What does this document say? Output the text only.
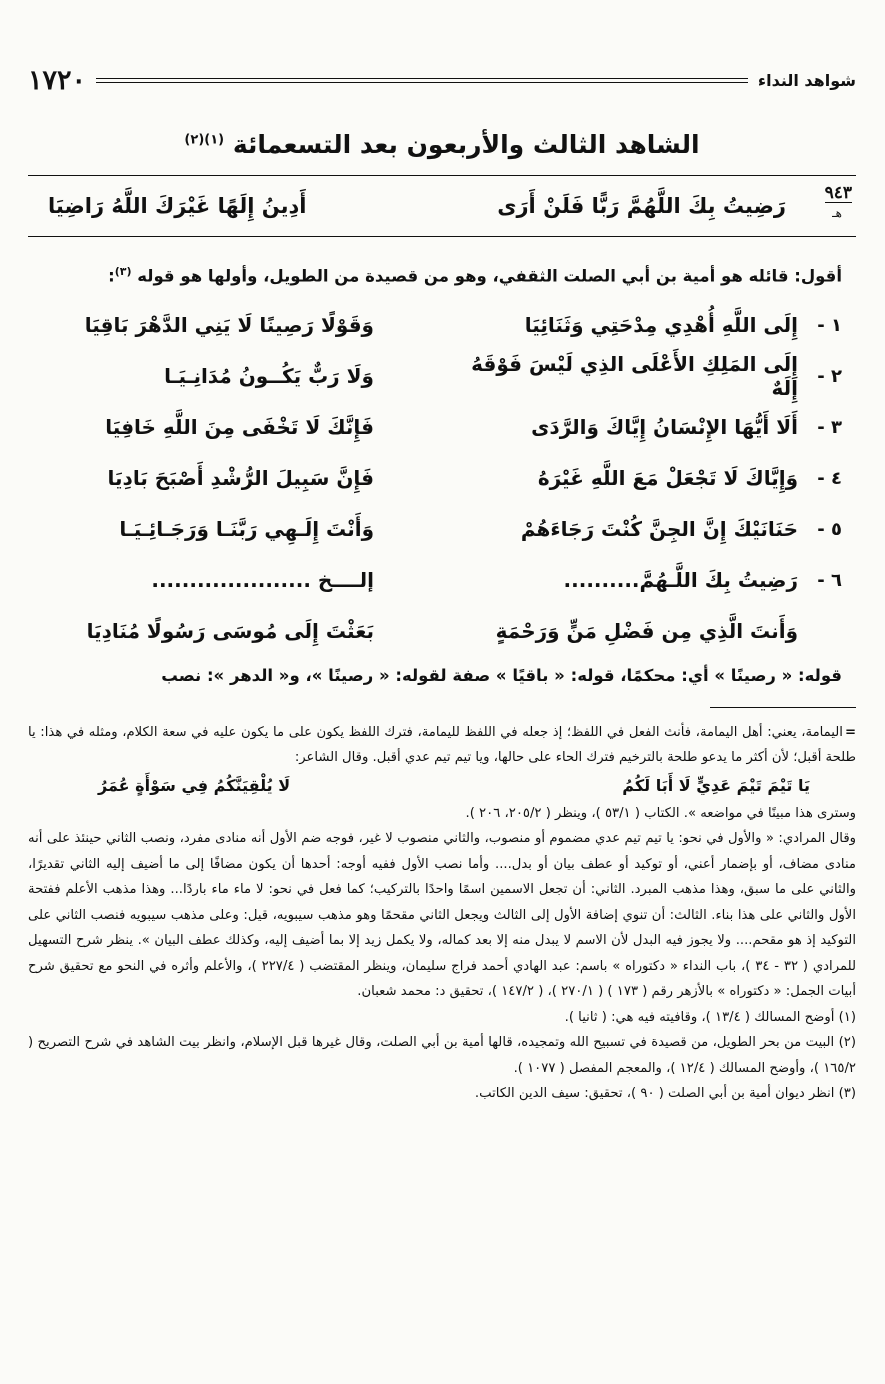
شواهد النداء
١٧٢٠
الشاهد الثالث والأربعون بعد التسعمائة $^{(١)(٢)}$
٩٤٣
هـ
رَضِيتُ بِكَ اللَّهُمَّ رَبًّا فَلَنْ أَرَى
أَدِينُ إِلَهًا غَيْرَكَ اللَّهُ رَاضِيَا
أقول: قائله هو أمية بن أبي الصلت الثقفي، وهو من قصيدة من الطويل، وأولها هو قوله $^{(٣)}$:
١ -
إِلَى اللَّهِ أُهْدِي مِدْحَتِي وَثَنَائِيَا
وَقَوْلًا رَصِينًا لَا يَنِي الدَّهْرَ بَاقِيَا
٢ -
إِلَى المَلِكِ الأَعْلَى الذِي لَيْسَ فَوْقَهُ إِلَهٌ
وَلَا رَبٌّ يَكُــونُ مُدَانِـيَـا
٣ -
أَلَا أَيُّهَا الإِنْسَانُ إِيَّاكَ وَالرَّدَى
فَإِنَّكَ لَا تَخْفَى مِنَ اللَّهِ خَافِيَا
٤ -
وَإِيَّاكَ لَا تَجْعَلْ مَعَ اللَّهِ غَيْرَهُ
فَإِنَّ سَبِيلَ الرُّشْدِ أَصْبَحَ بَادِيَا
٥ -
حَنَانَيْكَ إِنَّ الجِنَّ كُنْتَ رَجَاءَهُمْ
وَأَنْتَ إِلَـهِي رَبَّنَـا وَرَجَـائِـيَـا
٦ -
رَضِيتُ بِكَ اللَّـهُمَّ..........
إلــــخ .....................
وَأَنتَ الَّذِي مِن فَضْلِ مَنٍّ وَرَحْمَةٍ
بَعَثْتَ إِلَى مُوسَى رَسُولًا مُنَادِيَا
قوله: « رصينًا » أي: محكمًا، قوله: « باقيًا » صفة لقوله: « رصينًا »، و« الدهر »: نصب

=اليمامة، يعني: أهل اليمامة، فأنث الفعل في اللفظ؛ إذ جعله في اللفظ لليمامة، فترك اللفظ يكون على ما يكون عليه في سعة الكلام، ومثله في هذا: يا طلحة أقبل؛ لأن أكثر ما يدعو طلحة بالترخيم فترك الحاء على حالها، ويا تيم تيم عدي أقبل. وقال الشاعر:

يَا تَيْمَ تَيْمَ عَدِيٍّ لَا أَبَا لَكُمُ
لَا يُلْقِيَنَّكُمُ فِي سَوْأَةٍ عُمَرُ

وسترى هذا مبينًا في مواضعه ». الكتاب ( ٥٣/١ )، وينظر ( ٢٠٥/٢، ٢٠٦ ).

وقال المرادي: « والأول في نحو: يا تيم تيم عدي مضموم أو منصوب، والثاني منصوب لا غير، فوجه ضم الأول أنه منادى مفرد، ونصب الثاني حينئذ على أنه منادى مضاف، أو بإضمار أعني، أو توكيد أو عطف بيان أو بدل.... وأما نصب الأول ففيه أوجه: أحدها أن يكون مضافًا إلى ما أضيف إليه الثاني تقديرًا، والثاني على ما سبق، وهذا مذهب المبرد. الثاني: أن تجعل الاسمين اسمًا واحدًا بالتركيب؛ كما فعل في نحو: لا ماء ماء باردًا... وهذا مذهب الأعلم ففتحة الأول والثاني على هذا بناء. الثالث: أن تنوي إضافة الأول إلى الثالث ويجعل الثاني مقحمًا وهو مذهب سيبويه، قيل: وعلى مذهب سيبويه فنصب الثاني على التوكيد إذ هو مقحم.... ولا يجوز فيه البدل لأن الاسم لا يبدل منه إلا بعد كماله، ولا يكمل زيد إلا بما أضيف إليه، وكذلك عطف البيان ». ينظر شرح التسهيل للمرادي ( ٣٢ - ٣٤ )، باب النداء « دكتوراه » باسم: عبد الهادي أحمد فراج سليمان، وينظر المقتضب ( ٢٢٧/٤ )، والأعلم وأثره في النحو مع تحقيق شرح أبيات الجمل: « دكتوراه » بالأزهر رقم ( ١٧٣ ) ( ٢٧٠/١ )، ( ١٤٧/٢ )، تحقيق د: محمد شعبان.

(١) أوضح المسالك ( ١٣/٤ )، وقافيته فيه هي: ( ثانيا ).

(٢) البيت من بحر الطويل، من قصيدة في تسبيح الله وتمجيده، قالها أمية بن أبي الصلت، وقال غيرها قبل الإسلام، وانظر بيت الشاهد في شرح التصريح ( ١٦٥/٢ )، وأوضح المسالك ( ١٢/٤ )، والمعجم المفصل ( ١٠٧٧ ).

(٣) انظر ديوان أمية بن أبي الصلت ( ٩٠ )، تحقيق: سيف الدين الكاتب.
